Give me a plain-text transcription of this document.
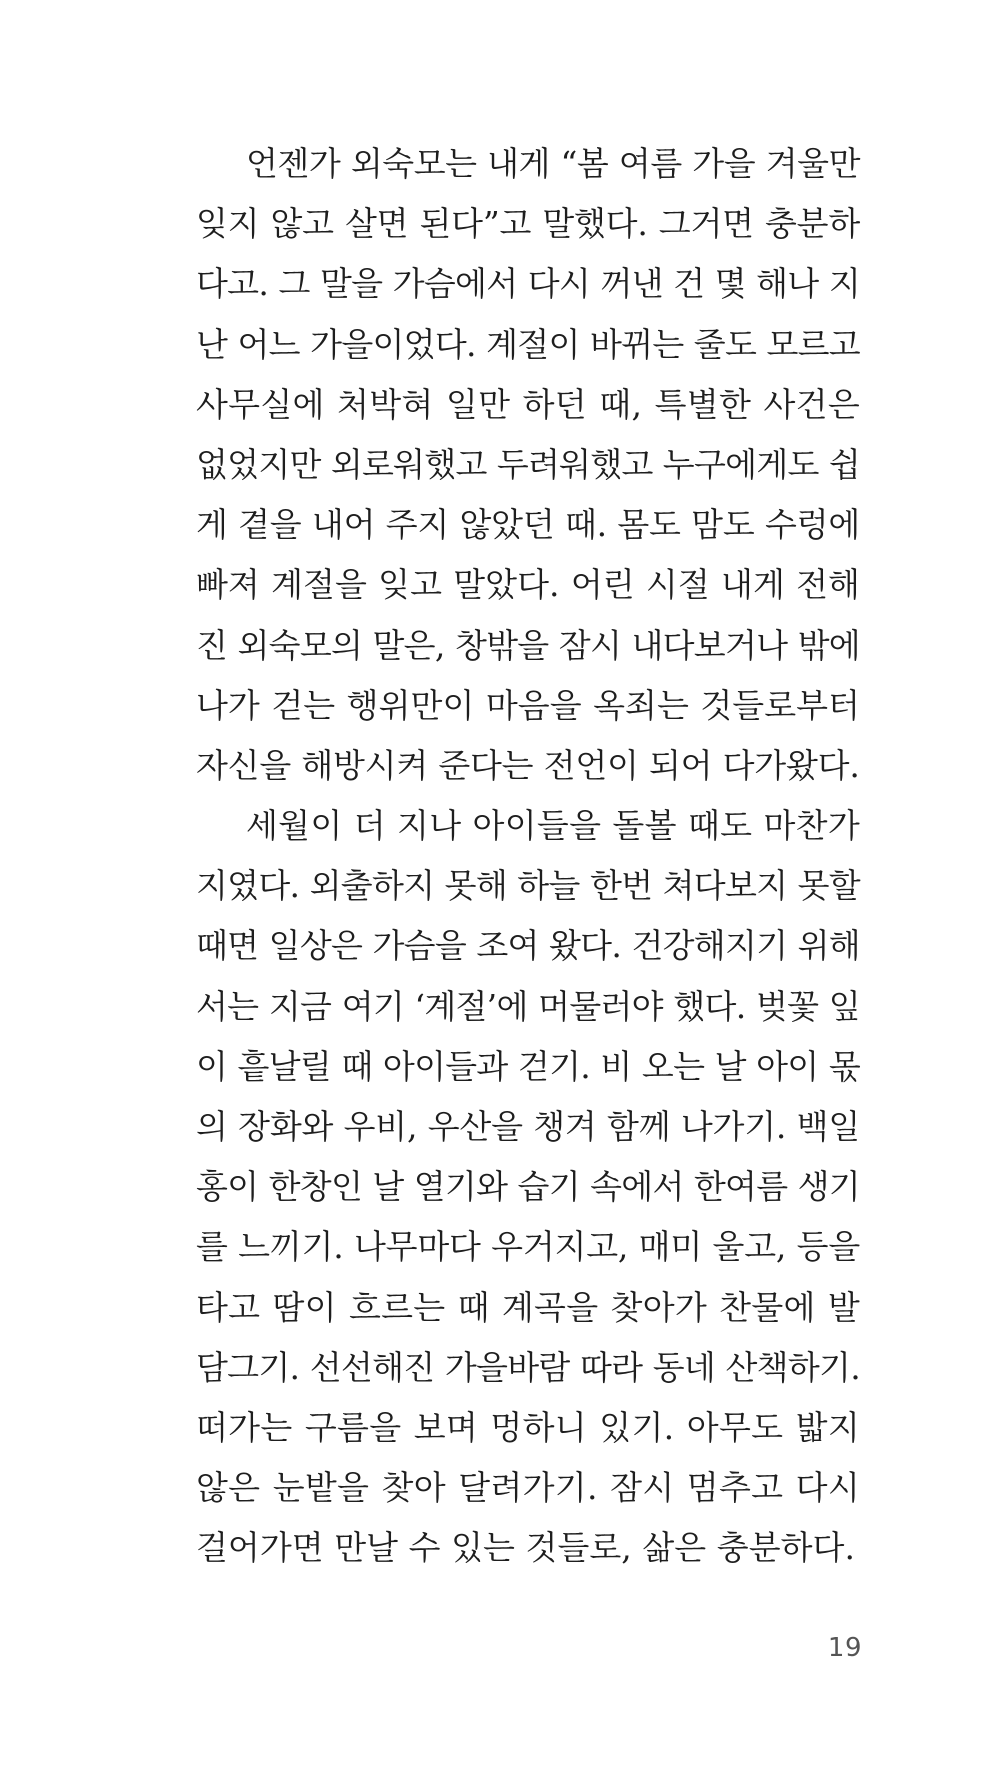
언젠가 외숙모는 내게 “봄 여름 가을 겨울만
잊지 않고 살면 된다”고 말했다. 그거면 충분하
다고. 그 말을 가슴에서 다시 꺼낸 건 몇 해나 지
난 어느 가을이었다. 계절이 바뀌는 줄도 모르고
사무실에 처박혀 일만 하던 때, 특별한 사건은
없었지만 외로워했고 두려워했고 누구에게도 쉽
게 곁을 내어 주지 않았던 때. 몸도 맘도 수렁에
빠져 계절을 잊고 말았다. 어린 시절 내게 전해
진 외숙모의 말은, 창밖을 잠시 내다보거나 밖에
나가 걷는 행위만이 마음을 옥죄는 것들로부터
자신을 해방시켜 준다는 전언이 되어 다가왔다.
세월이 더 지나 아이들을 돌볼 때도 마찬가
지였다. 외출하지 못해 하늘 한번 쳐다보지 못할
때면 일상은 가슴을 조여 왔다. 건강해지기 위해
서는 지금 여기 ‘계절’에 머물러야 했다. 벚꽃 잎
이 흩날릴 때 아이들과 걷기. 비 오는 날 아이 몫
의 장화와 우비, 우산을 챙겨 함께 나가기. 백일
홍이 한창인 날 열기와 습기 속에서 한여름 생기
를 느끼기. 나무마다 우거지고, 매미 울고, 등을
타고 땀이 흐르는 때 계곡을 찾아가 찬물에 발
담그기. 선선해진 가을바람 따라 동네 산책하기.
떠가는 구름을 보며 멍하니 있기. 아무도 밟지
않은 눈밭을 찾아 달려가기. 잠시 멈추고 다시
걸어가면 만날 수 있는 것들로, 삶은 충분하다.
19
